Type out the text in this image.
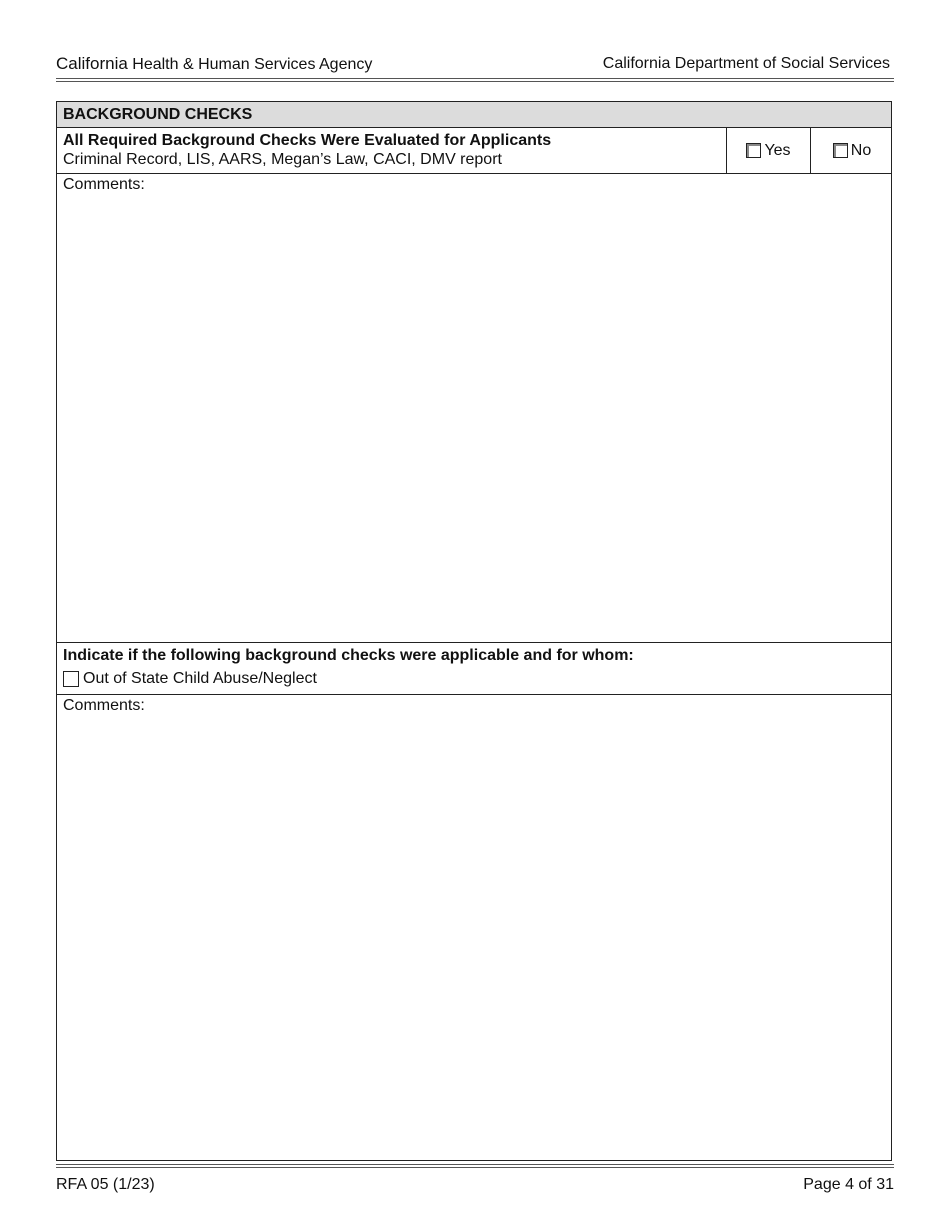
California Health & Human Services Agency	California Department of Social Services
BACKGROUND CHECKS
All Required Background Checks Were Evaluated for Applicants
Criminal Record, LIS, AARS, Megan’s Law, CACI, DMV report
Yes	No
Comments:
Indicate if the following background checks were applicable and for whom:
Out of State Child Abuse/Neglect
Comments:
RFA 05 (1/23)	Page 4 of 31
